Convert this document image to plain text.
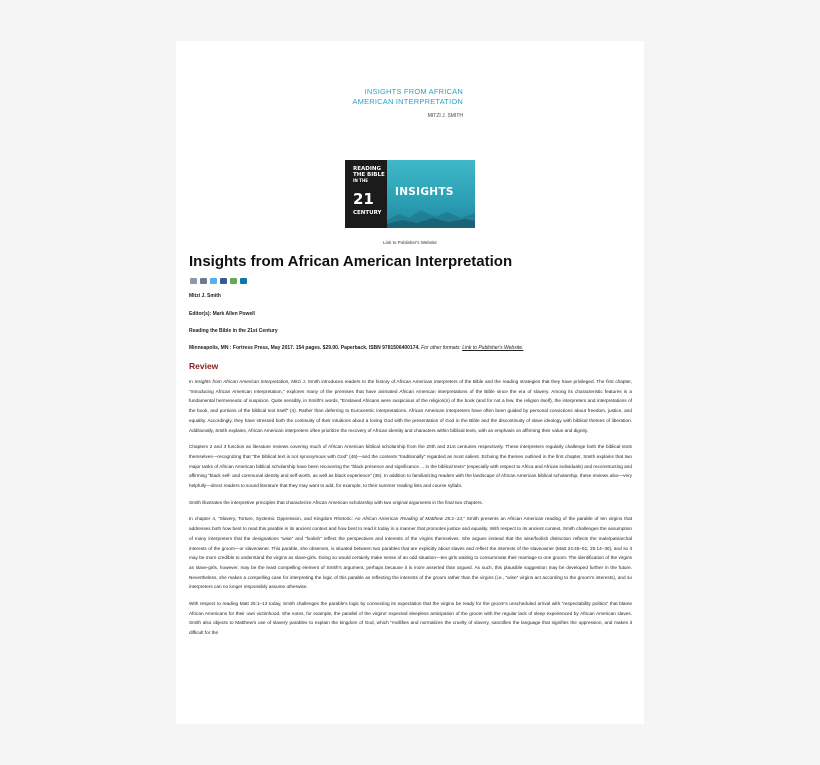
INSIGHTS FROM AFRICAN
AMERICAN INTERPRETATION
MITZI J. SMITH
READING
THE BIBLE
IN THE
21
CENTURY
INSIGHTS
Link to Publisher's Website
Insights from African American Interpretation
Mitzi J. Smith
Editor(s): Mark Allen Powell
Reading the Bible in the 21st Century
Minneapolis, MN : Fortress Press, May 2017. 154 pages. $29.00. Paperback. ISBN 9781506400174. For other formats: Link to Publisher's Website.
Review

In Insights from African American Interpretation, Mitzi J. Smith introduces readers to the history of African American interpreters of the Bible and the reading strategies that they have privileged. The first chapter, “Introducing African American Interpretation,” explores many of the premises that have animated African American interpretations of the Bible since the era of slavery. Among its characteristic features is a fundamental hermeneutic of suspicion. Quite sensibly, in Smith's words, “Enslaved Africans were suspicious of the religion(s) of the book (and for not a few, the religion itself), the interpreters and interpretations of the book, and portions of the biblical text itself” (4). Rather than deferring to Eurocentric interpretations, African American interpreters have often been guided by personal convictions about freedom, justice, and equality. Accordingly, they have stressed both the continuity of their intuitions about a loving God with the presentation of God in the Bible and the discontinuity of slave ideology with biblical themes of liberation. Additionally, Smith explains, African American interpreters often prioritize the recovery of African identity and characters within biblical texts, with an emphasis on affirming their value and dignity.

Chapters 2 and 3 function as literature reviews covering much of African American biblical scholarship from the 20th and 21st centuries respectively. These interpreters regularly challenge both the biblical texts themselves—recognizing that “the biblical text is not synonymous with God” (46)—and the contexts “traditionally” regarded as most salient. Echoing the themes outlined in the first chapter, Smith explains that two major tasks of African American biblical scholarship have been recovering the “black presence and significance ... in the biblical texts” (especially with respect to Africa and African individuals) and reconstructing and affirming “black self- and communal identity and self-worth, as well as black experience” (36). In addition to familiarizing readers with the landscape of African American biblical scholarship, these reviews also—very helpfully—direct readers to sound literature that they may want to add, for example, to their summer reading lists and course syllabi.

Smith illustrates the interpretive principles that characterize African American scholarship with two original arguments in the final two chapters.

In chapter 4, “Slavery, Torture, Systemic Oppression, and Kingdom Rhetoric: An African American Reading of Matthew 25:1–13,” Smith presents an African American reading of the parable of ten virgins that addresses both how best to read this parable in its ancient context and how best to read it today in a manner that promotes justice and equality. With respect to its ancient context, Smith challenges the assumption of many interpreters that the designations “wise” and “foolish” reflect the perspectives and interests of the virgins themselves. She argues instead that the wise/foolish distinction reflects the male/patriarchal interests of the groom—or slaveowner. This parable, she observes, is situated between two parables that are explicitly about slaves and reflect the interests of the slaveowner (Matt 24:45–51; 25:14–30), and so it may be more credible to understand the virgins as slave-girls. Doing so would certainly make sense of an odd situation—ten girls waiting to consummate their marriage to one groom. The identification of the virgins as slave-girls, however, may be the least compelling element of Smith's argument, perhaps because it is more asserted than argued. As such, this plausible suggestion may be developed further in the future. Nevertheless, she makes a compelling case for interpreting the logic of this parable as reflecting the interests of the groom rather than the virgins (i.e., “wise” virgins act according to the groom's interests), and so interpreters can no longer responsibly assume otherwise.

With respect to reading Matt 25:1–13 today, Smith challenges the parable's logic by connecting its expectation that the virgins be ready for the groom's unscheduled arrival with “respectability politics” that blame African Americans for their own victimhood. She notes, for example, the parallel of the virgins' expected sleepless anticipation of the groom with the regular lack of sleep experienced by African American slaves. Smith also objects to Matthew's use of slavery parables to explain the kingdom of God, which “mollifies and normalizes the cruelty of slavery, sanctifies the language that signifies the oppression, and makes it difficult for the
